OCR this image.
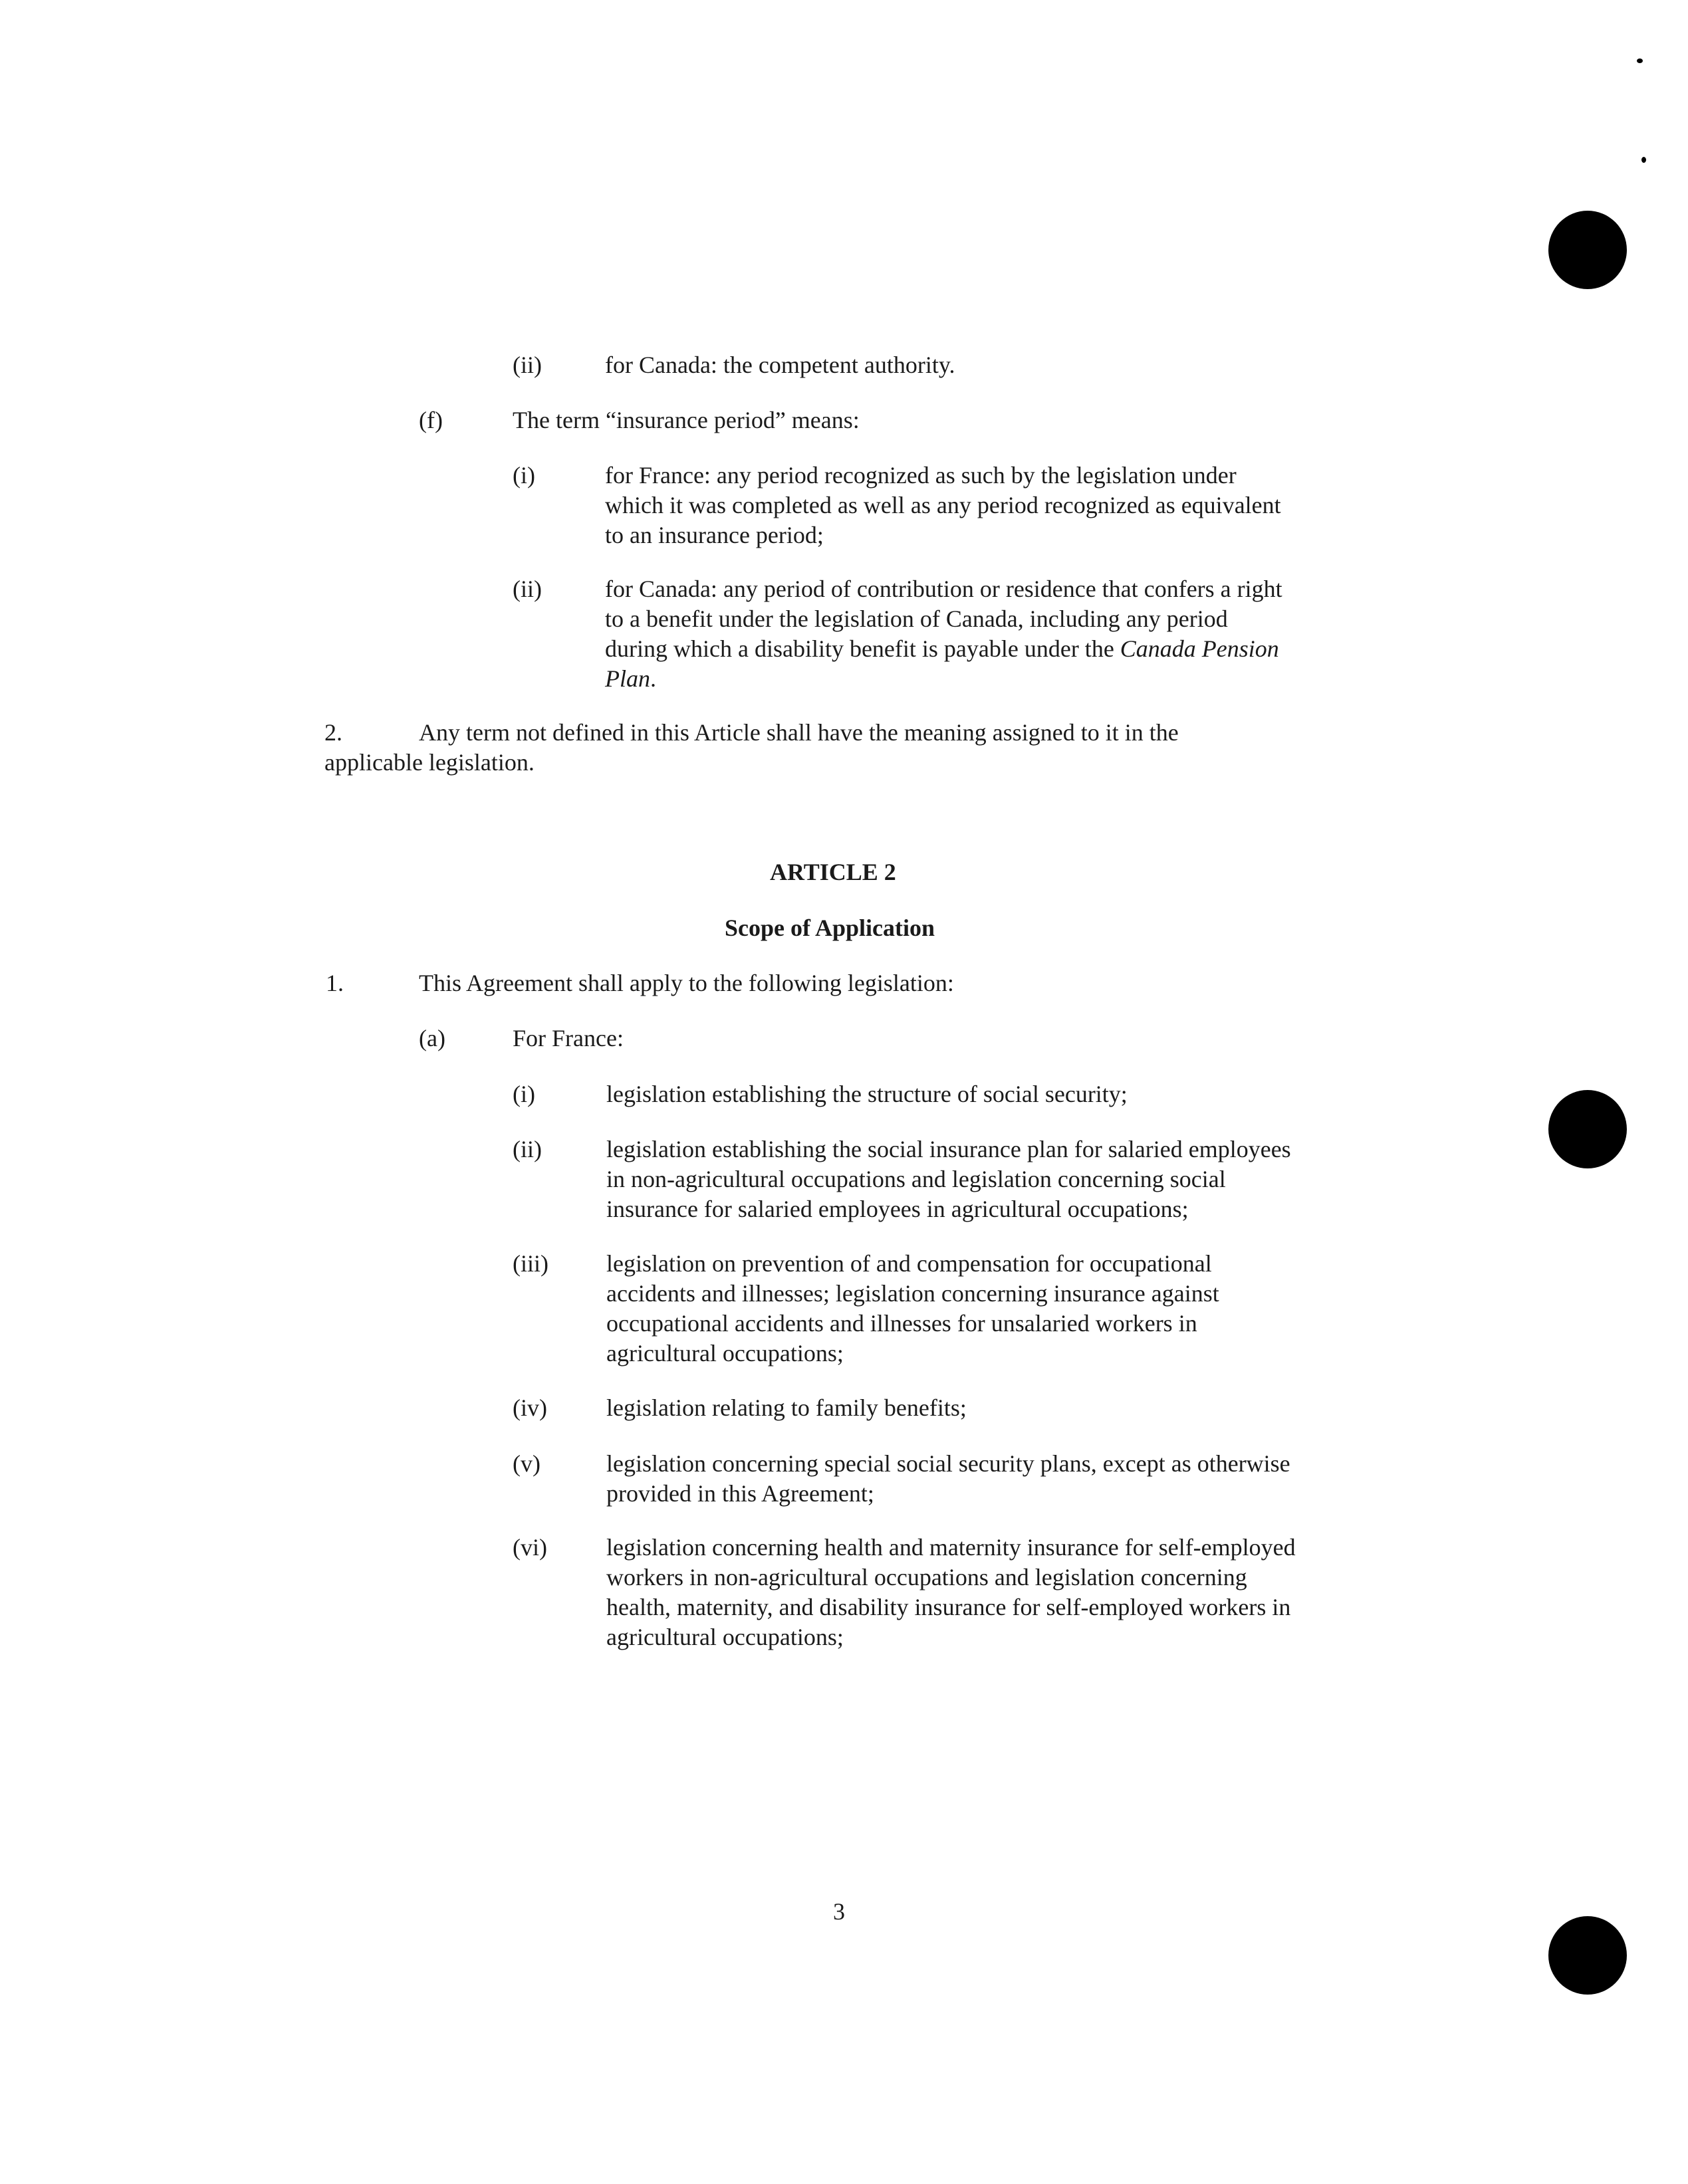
(ii)	for Canada: the competent authority.
(f)	The term “insurance period” means:
(i)	for France: any period recognized as such by the legislation under
which it was completed as well as any period recognized as equivalent
to an insurance period;
(ii)	for Canada: any period of contribution or residence that confers a right
to a benefit under the legislation of Canada, including any period
during which a disability benefit is payable under the Canada Pension
Plan.
2.	Any term not defined in this Article shall have the meaning assigned to it in the
applicable legislation.
ARTICLE 2
Scope of Application
1.	This Agreement shall apply to the following legislation:
(a)	For France:
(i)	legislation establishing the structure of social security;
(ii)	legislation establishing the social insurance plan for salaried employees
in non-agricultural occupations and legislation concerning social
insurance for salaried employees in agricultural occupations;
(iii) legislation on prevention of and compensation for occupational
accidents and illnesses; legislation concerning insurance against
occupational accidents and illnesses for unsalaried workers in
agricultural occupations;
(iv) legislation relating to family benefits;
(v)	legislation concerning special social security plans, except as otherwise
provided in this Agreement;
(vi) legislation concerning health and maternity insurance for self-employed
workers in non-agricultural occupations and legislation concerning
health, maternity, and disability insurance for self-employed workers in
agricultural occupations;
3
